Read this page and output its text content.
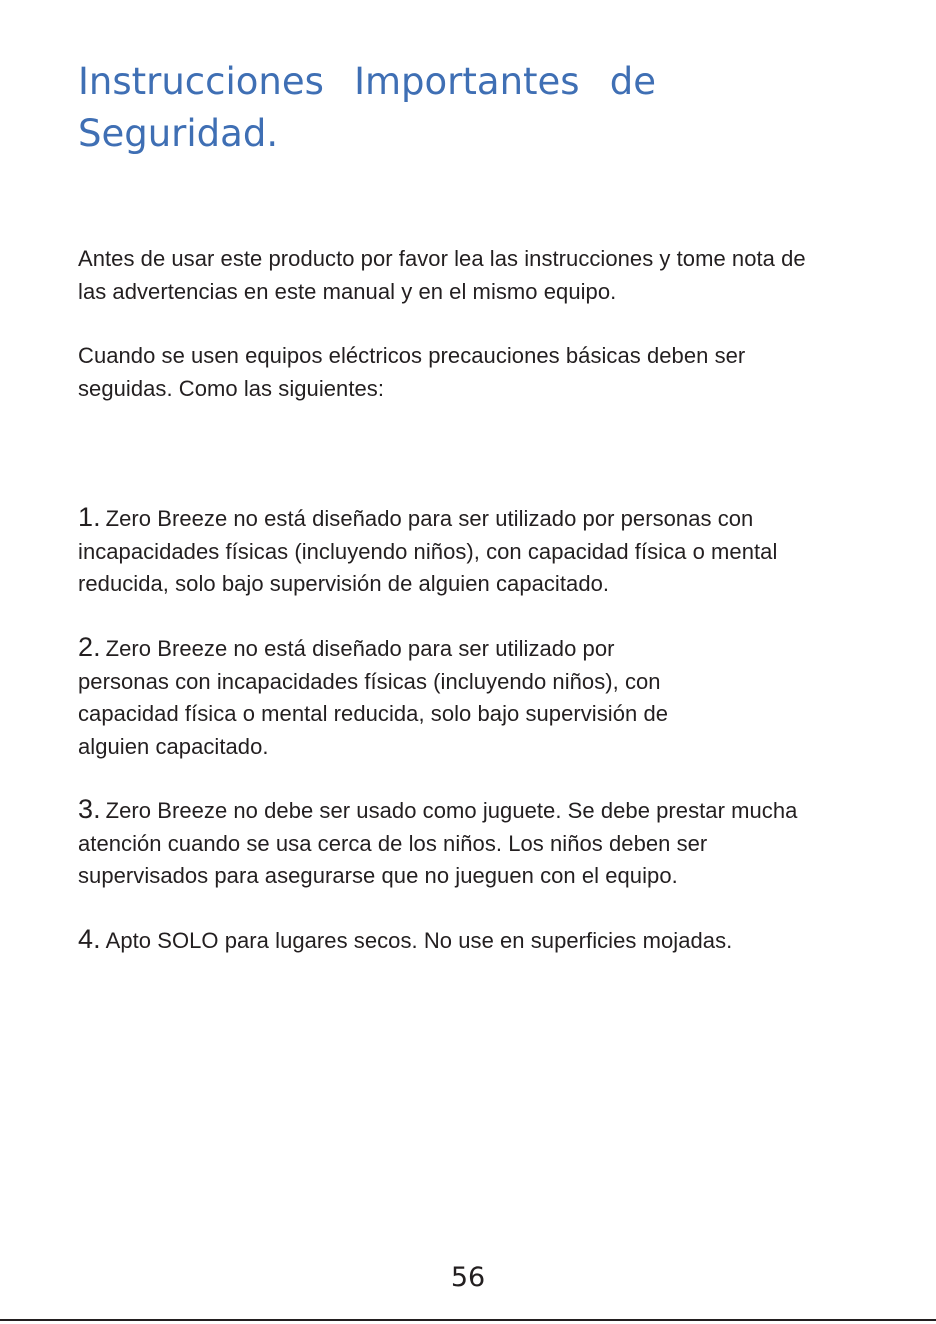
Instrucciones Importantes de
Seguridad.

Antes de usar este producto por favor lea las instrucciones y tome nota de las advertencias en este manual y en el mismo equipo.

Cuando se usen equipos eléctricos precauciones básicas deben ser seguidas. Como las siguientes:

1. Zero Breeze no está diseñado para ser utilizado por personas con incapacidades físicas (incluyendo niños), con capacidad física o mental reducida, solo bajo supervisión de alguien capacitado.

2. Zero Breeze no está diseñado para ser utilizado por personas con incapacidades físicas (incluyendo niños), con capacidad física o mental reducida, solo bajo supervisión de alguien capacitado.

3. Zero Breeze no debe ser usado como juguete. Se debe prestar mucha atención cuando se usa cerca de los niños. Los niños deben ser supervisados para asegurarse que no jueguen con el equipo.

4. Apto SOLO para lugares secos. No use en superficies mojadas.

56
